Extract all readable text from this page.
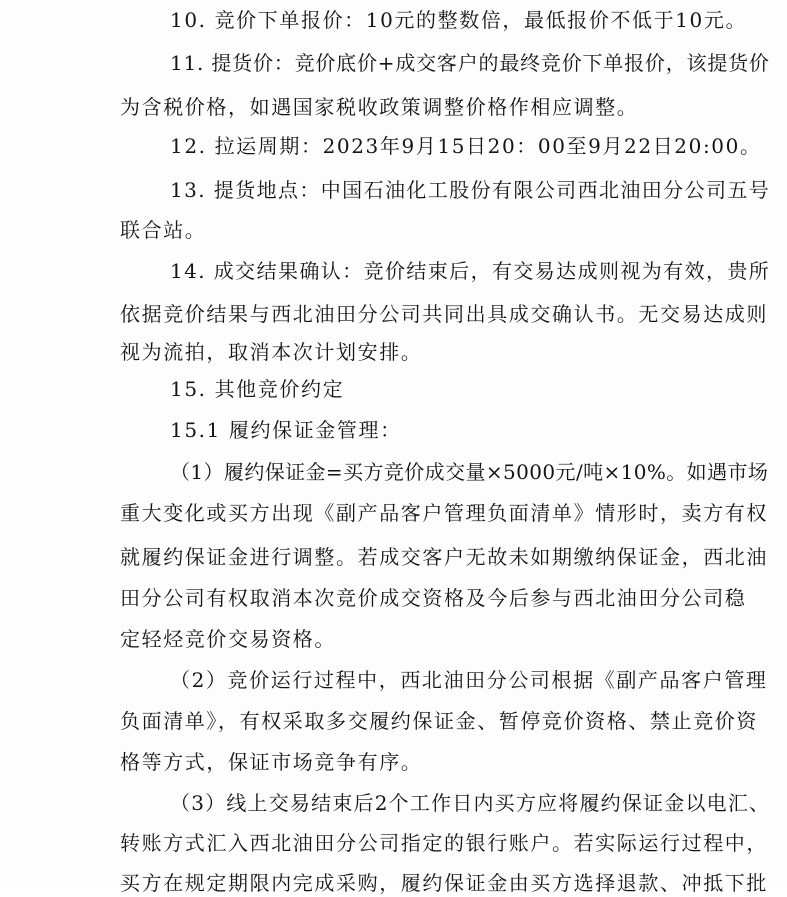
10. 竞价下单报价：10元的整数倍，最低报价不低于10元。
11. 提货价：竞价底价+成交客户的最终竞价下单报价，该提货价
为含税价格，如遇国家税收政策调整价格作相应调整。
12. 拉运周期：2023年9月15日20：00至9月22日20:00。
13. 提货地点：中国石油化工股份有限公司西北油田分公司五号
联合站。
14. 成交结果确认：竞价结束后，有交易达成则视为有效，贵所
依据竞价结果与西北油田分公司共同出具成交确认书。无交易达成则
视为流拍，取消本次计划安排。
15. 其他竞价约定
15.1 履约保证金管理：
（1）履约保证金=买方竞价成交量×5000元/吨×10%。如遇市场
重大变化或买方出现《副产品客户管理负面清单》情形时，卖方有权
就履约保证金进行调整。若成交客户无故未如期缴纳保证金，西北油
田分公司有权取消本次竞价成交资格及今后参与西北油田分公司稳
定轻烃竞价交易资格。
（2）竞价运行过程中，西北油田分公司根据《副产品客户管理
负面清单》，有权采取多交履约保证金、暂停竞价资格、禁止竞价资
格等方式，保证市场竞争有序。
（3）线上交易结束后2个工作日内买方应将履约保证金以电汇、
转账方式汇入西北油田分公司指定的银行账户。若实际运行过程中，
买方在规定期限内完成采购，履约保证金由买方选择退款、冲抵下批
